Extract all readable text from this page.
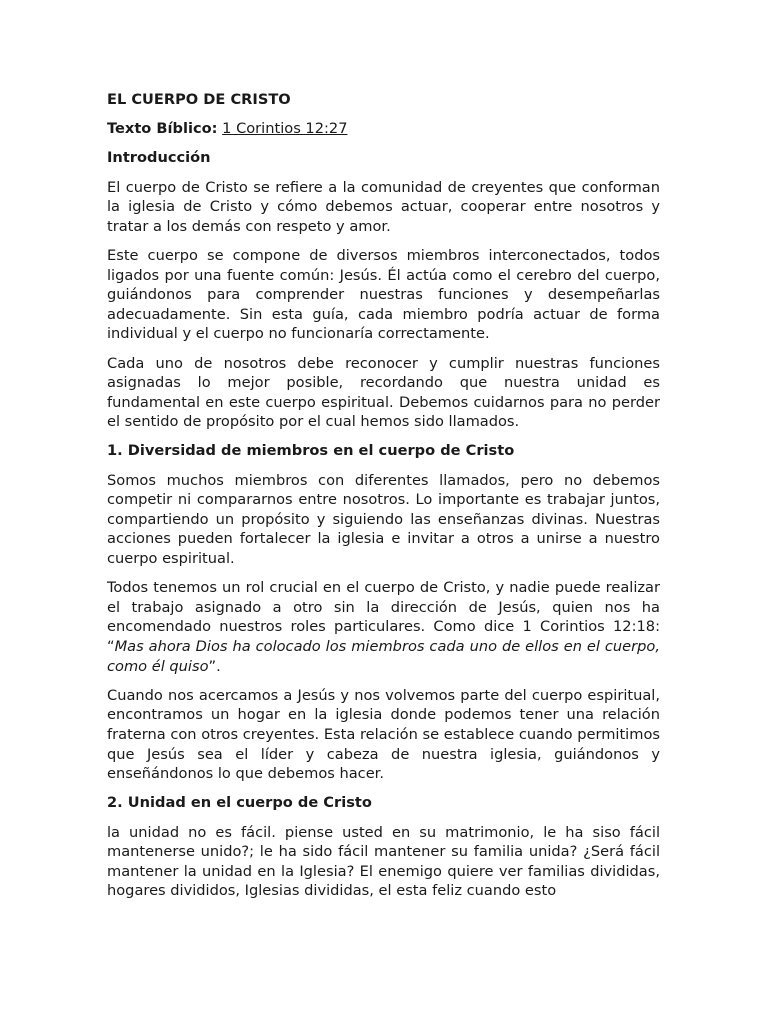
EL CUERPO DE CRISTO
Texto Bíblico: 1 Corintios 12:27
Introducción

El cuerpo de Cristo se refiere a la comunidad de creyentes que conforman la iglesia de Cristo y cómo debemos actuar, cooperar entre nosotros y tratar a los demás con respeto y amor.

Este cuerpo se compone de diversos miembros interconectados, todos ligados por una fuente común: Jesús. Él actúa como el cerebro del cuerpo, guiándonos para comprender nuestras funciones y desempeñarlas adecuadamente. Sin esta guía, cada miembro podría actuar de forma individual y el cuerpo no funcionaría correctamente.

Cada uno de nosotros debe reconocer y cumplir nuestras funciones asignadas lo mejor posible, recordando que nuestra unidad es fundamental en este cuerpo espiritual. Debemos cuidarnos para no perder el sentido de propósito por el cual hemos sido llamados.

1. Diversidad de miembros en el cuerpo de Cristo

Somos muchos miembros con diferentes llamados, pero no debemos competir ni compararnos entre nosotros. Lo importante es trabajar juntos, compartiendo un propósito y siguiendo las enseñanzas divinas. Nuestras acciones pueden fortalecer la iglesia e invitar a otros a unirse a nuestro cuerpo espiritual.

Todos tenemos un rol crucial en el cuerpo de Cristo, y nadie puede realizar el trabajo asignado a otro sin la dirección de Jesús, quien nos ha encomendado nuestros roles particulares. Como dice 1 Corintios 12:18: “Mas ahora Dios ha colocado los miembros cada uno de ellos en el cuerpo, como él quiso”.

Cuando nos acercamos a Jesús y nos volvemos parte del cuerpo espiritual, encontramos un hogar en la iglesia donde podemos tener una relación fraterna con otros creyentes. Esta relación se establece cuando permitimos que Jesús sea el líder y cabeza de nuestra iglesia, guiándonos y enseñándonos lo que debemos hacer.

2. Unidad en el cuerpo de Cristo

la unidad no es fácil. piense usted en su matrimonio, le ha siso fácil mantenerse unido?; le ha sido fácil mantener su familia unida? ¿Será fácil mantener la unidad en la Iglesia? El enemigo quiere ver familias divididas, hogares divididos, Iglesias divididas, el esta feliz cuando esto
